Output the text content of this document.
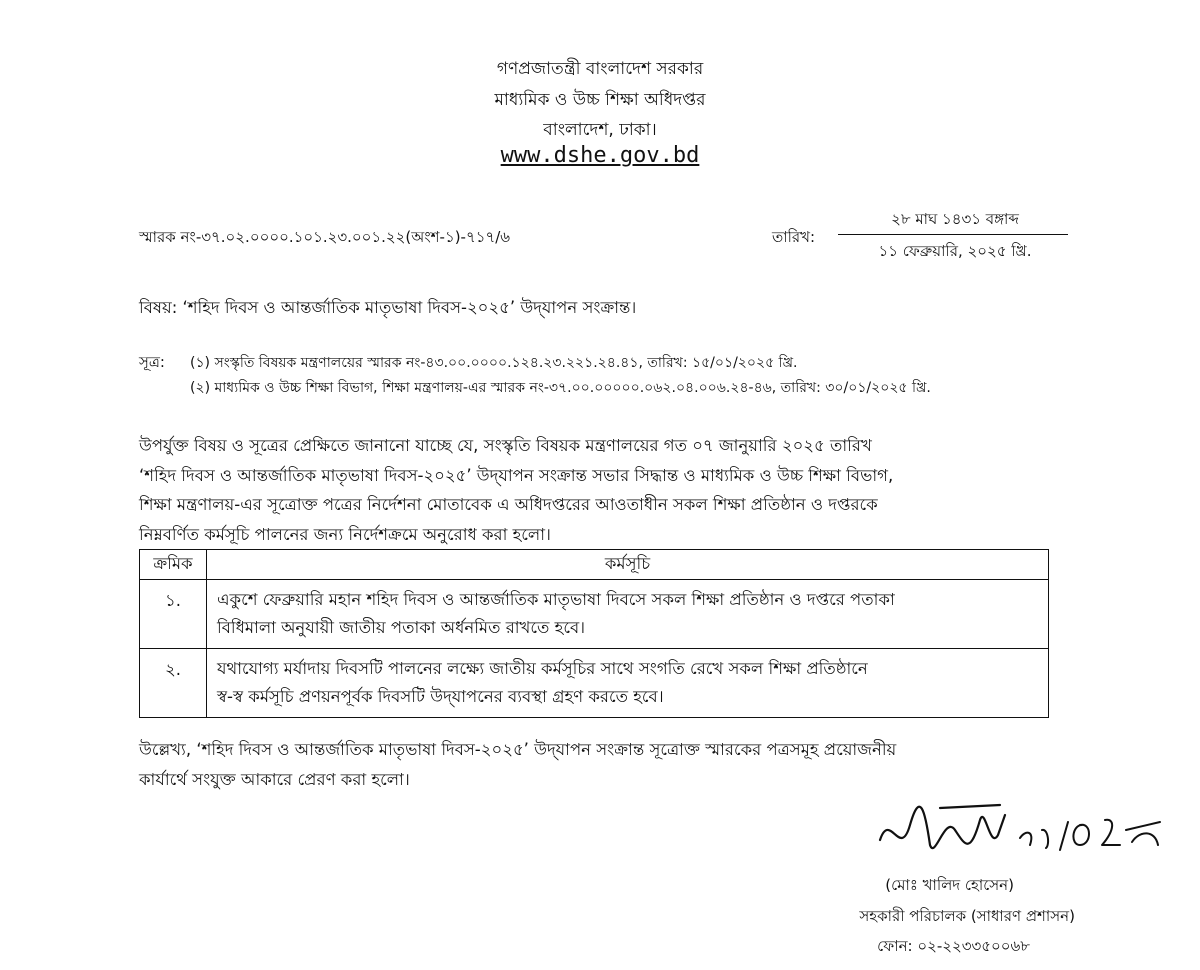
গণপ্রজাতন্ত্রী বাংলাদেশ সরকার
মাধ্যমিক ও উচ্চ শিক্ষা অধিদপ্তর
বাংলাদেশ, ঢাকা।
www.dshe.gov.bd
স্মারক নং-৩৭.০২.০০০০.১০১.২৩.০০১.২২(অংশ-১)-৭১৭/৬	তারিখ:
২৮ মাঘ ১৪৩১ বঙ্গাব্দ
১১ ফেব্রুয়ারি, ২০২৫ খ্রি.
বিষয়: ‘শহিদ দিবস ও আন্তর্জাতিক মাতৃভাষা দিবস-২০২৫’ উদ্‌যাপন সংক্রান্ত।
সূত্র: (১) সংস্কৃতি বিষয়ক মন্ত্রণালয়ের স্মারক নং-৪৩.০০.০০০০.১২৪.২৩.২২১.২৪.৪১, তারিখ: ১৫/০১/২০২৫ খ্রি.
(২) মাধ্যমিক ও উচ্চ শিক্ষা বিভাগ, শিক্ষা মন্ত্রণালয়-এর স্মারক নং-৩৭.০০.০০০০০.০৬২.০৪.০০৬.২৪-৪৬, তারিখ: ৩০/০১/২০২৫ খ্রি.
উপর্যুক্ত বিষয় ও সূত্রের প্রেক্ষিতে জানানো যাচ্ছে যে, সংস্কৃতি বিষয়ক মন্ত্রণালয়ের গত ০৭ জানুয়ারি ২০২৫ তারিখ
‘শহিদ দিবস ও আন্তর্জাতিক মাতৃভাষা দিবস-২০২৫’ উদ্‌যাপন সংক্রান্ত সভার সিদ্ধান্ত ও মাধ্যমিক ও উচ্চ শিক্ষা বিভাগ,
শিক্ষা মন্ত্রণালয়-এর সূত্রোক্ত পত্রের নির্দেশনা মোতাবেক এ অধিদপ্তরের আওতাধীন সকল শিক্ষা প্রতিষ্ঠান ও দপ্তরকে
নিম্নবর্ণিত কর্মসূচি পালনের জন্য নির্দেশক্রমে অনুরোধ করা হলো।
ক্রমিক	কর্মসূচি
১.	একুশে ফেব্রুয়ারি মহান শহিদ দিবস ও আন্তর্জাতিক মাতৃভাষা দিবসে সকল শিক্ষা প্রতিষ্ঠান ও দপ্তরে পতাকা
বিধিমালা অনুযায়ী জাতীয় পতাকা অর্ধনমিত রাখতে হবে।

২.	যথাযোগ্য মর্যাদায় দিবসটি পালনের লক্ষ্যে জাতীয় কর্মসূচির সাথে সংগতি রেখে সকল শিক্ষা প্রতিষ্ঠানে
স্ব-স্ব কর্মসূচি প্রণয়নপূর্বক দিবসটি উদ্‌যাপনের ব্যবস্থা গ্রহণ করতে হবে।
উল্লেখ্য, ‘শহিদ দিবস ও আন্তর্জাতিক মাতৃভাষা দিবস-২০২৫’ উদ্‌যাপন সংক্রান্ত সূত্রোক্ত স্মারকের পত্রসমূহ প্রয়োজনীয়
কার্যার্থে সংযুক্ত আকারে প্রেরণ করা হলো।
(মোঃ খালিদ হোসেন)
সহকারী পরিচালক (সাধারণ প্রশাসন)
ফোন: ০২-২২৩৩৫০০৬৮
